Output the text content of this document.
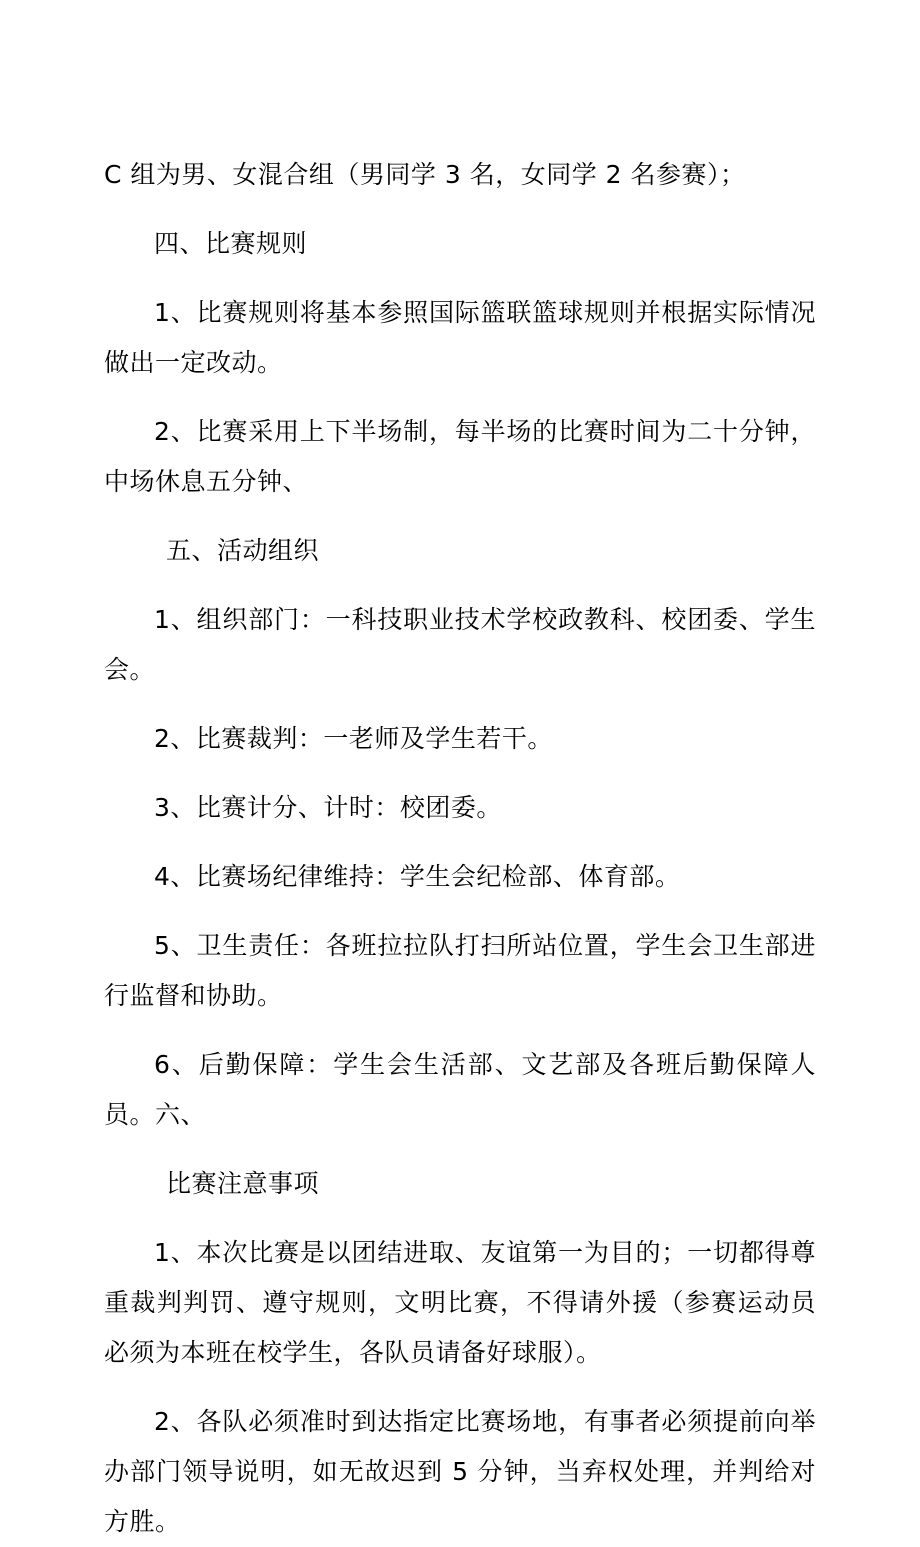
C 组为男、女混合组（男同学 3 名，女同学 2 名参赛）；

四、比赛规则

1、比赛规则将基本参照国际篮联篮球规则并根据实际情况做出一定改动。

2、比赛采用上下半场制，每半场的比赛时间为二十分钟，中场休息五分钟、

五、活动组织

1、组织部门：一科技职业技术学校政教科、校团委、学生会。

2、比赛裁判：一老师及学生若干。

3、比赛计分、计时：校团委。

4、比赛场纪律维持：学生会纪检部、体育部。

5、卫生责任：各班拉拉队打扫所站位置，学生会卫生部进行监督和协助。

6、后勤保障：学生会生活部、文艺部及各班后勤保障人员。六、

比赛注意事项

1、本次比赛是以团结进取、友谊第一为目的；一切都得尊重裁判判罚、遵守规则，文明比赛，不得请外援（参赛运动员必须为本班在校学生，各队员请备好球服）。

2、各队必须准时到达指定比赛场地，有事者必须提前向举办部门领导说明，如无故迟到 5 分钟，当弃权处理，并判给对方胜。
